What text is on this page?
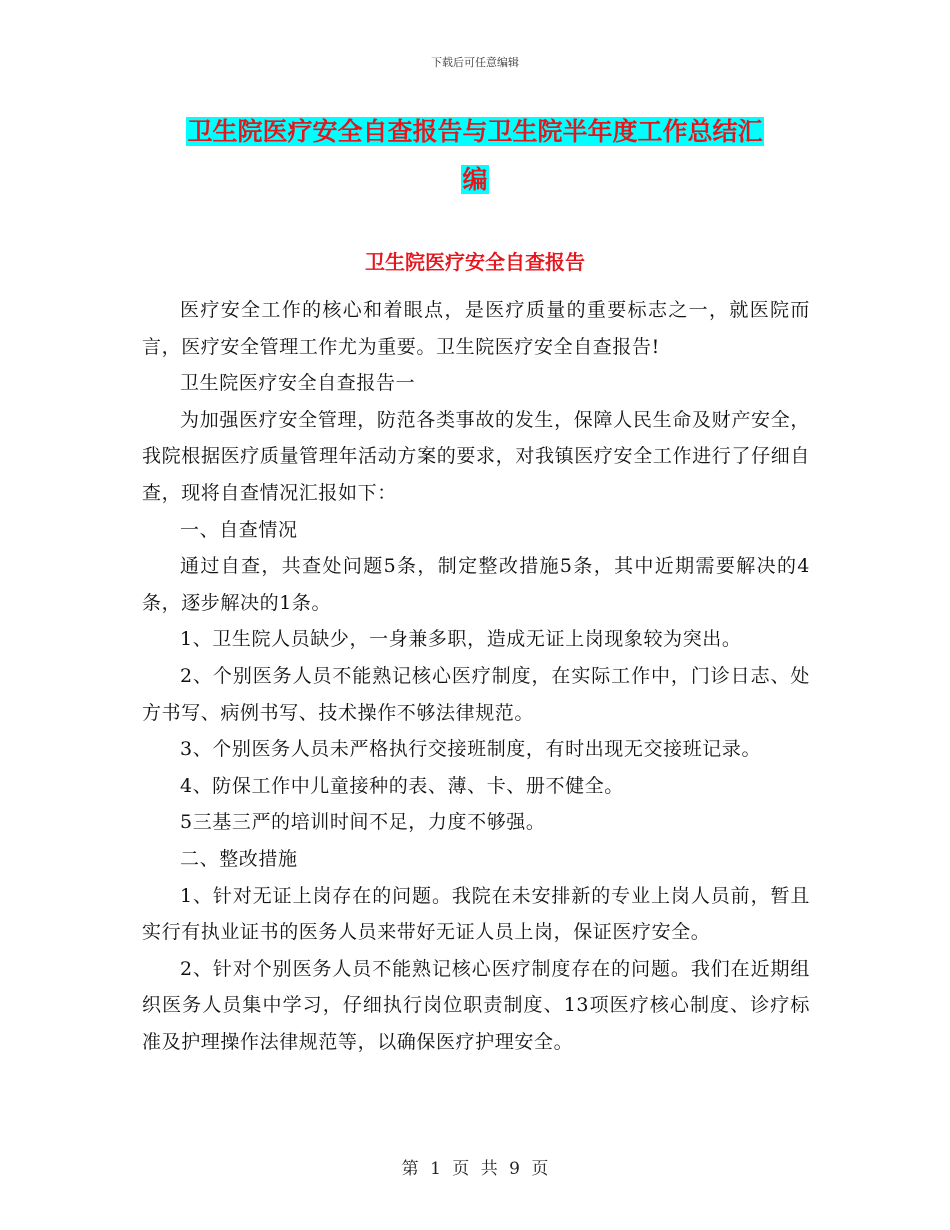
下载后可任意编辑
卫生院医疗安全自查报告与卫生院半年度工作总结汇
编
卫生院医疗安全自查报告

医疗安全工作的核心和着眼点，是医疗质量的重要标志之一，就医院而言，医疗安全管理工作尤为重要。卫生院医疗安全自查报告!

卫生院医疗安全自查报告一

为加强医疗安全管理，防范各类事故的发生，保障人民生命及财产安全，我院根据医疗质量管理年活动方案的要求，对我镇医疗安全工作进行了仔细自查，现将自查情况汇报如下：

一、自查情况

通过自查，共查处问题5条，制定整改措施5条，其中近期需要解决的4条，逐步解决的1条。

1、卫生院人员缺少，一身兼多职，造成无证上岗现象较为突出。

2、个别医务人员不能熟记核心医疗制度，在实际工作中，门诊日志、处方书写、病例书写、技术操作不够法律规范。

3、个别医务人员未严格执行交接班制度，有时出现无交接班记录。

4、防保工作中儿童接种的表、薄、卡、册不健全。

5三基三严的培训时间不足，力度不够强。

二、整改措施

1、针对无证上岗存在的问题。我院在未安排新的专业上岗人员前，暂且实行有执业证书的医务人员来带好无证人员上岗，保证医疗安全。

2、针对个别医务人员不能熟记核心医疗制度存在的问题。我们在近期组织医务人员集中学习，仔细执行岗位职责制度、13项医疗核心制度、诊疗标准及护理操作法律规范等，以确保医疗护理安全。

第 1 页 共 9 页
